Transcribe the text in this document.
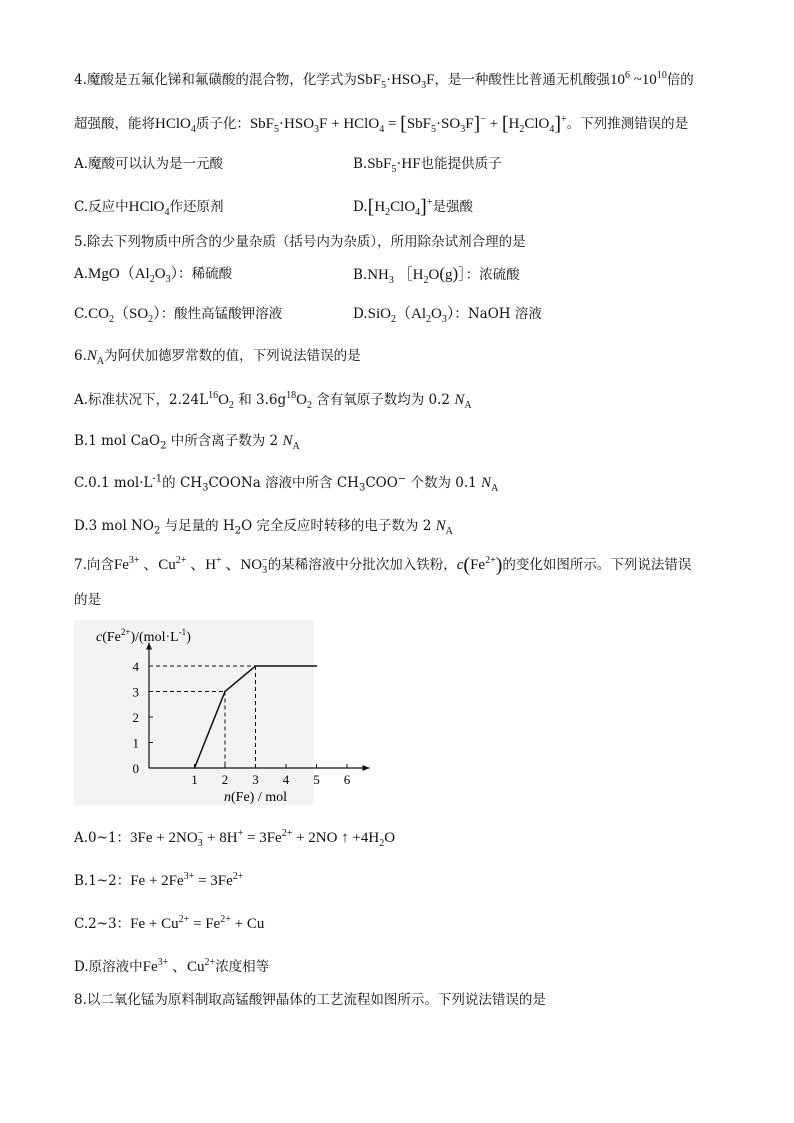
4.魔酸是五氟化锑和氟磺酸的混合物，化学式为$SbF_5\cdot HSO_3F$，是一种酸性比普通无机酸强$10^6$ $\sim 10^{10}$倍的
超强酸，能将HClO$_4$质子化：$SbF_5\cdot HSO_3F$ + HClO$_4$ = $[SbF_5\cdot SO_3F]^- + [H_2ClO_4]^+$。下列推测错误的是
A.魔酸可以认为是一元酸	B.SbF$_5$·HF也能提供质子
C.反应中HClO$_4$作还原剂	$D.[H_2ClO_4]^+$是强酸
5.除去下列物质中所含的少量杂质（括号内为杂质），所用除杂试剂合理的是
$A.MgO(Al_2O_3)$：稀硫酸	$B.NH_3$ $[H_2O(g)]$：浓硫酸
$C.CO_2(SO_2)$：酸性高锰酸钾溶液	$D.SiO_2(Al_2O_3)$：NaOH 溶液
$6.N_A$为阿伏加德罗常数的值，下列说法错误的是
A.标准状况下，$2.24L^{16}O_2$ 和 $3.6g^{18}O_2$ 含有氧原子数均为 0.2 $N_A$
B.1 mol CaO$_2$ 中所含离子数为 2 $N_A$
C.0.1 $mol\cdot L^{-1}$的 $CH_3COONa$ 溶液中所含 $CH_3COO^-$ 个数为 0.1 $N_A$
D.3 mol $NO_2$ 与足量的 $H_2O$ 完全反应时转移的电子数为 2 $N_A$
7.向含$Fe^{3+}$ 、$Cu^{2+}$ 、H+ 、$NO_3^-$的某稀溶液中分批次加入铁粉，$c(Fe^{2+})$的变化如图所示。下列说法错误
的是
1 2 3 4 5 6
0
1
2
3
4
$c(Fe^{2+})/(mol\cdot L^{-1})$
n(Fe) / mol
A.0~1：$3Fe + 2NO_3^- + 8H^+ = 3Fe^{2+} + 2NO$ ↑ $+4H_2O$
B.1~2：$Fe + 2Fe^{3+} = 3Fe^{2+}$
C.2~3：$Fe + Cu^{2+} = Fe^{2+} + Cu$
D.原溶液中$Fe^{3+}$ 、$Cu^{2+}$浓度相等
8.以二氧化锰为原料制取高锰酸钾晶体的工艺流程如图所示。下列说法错误的是
